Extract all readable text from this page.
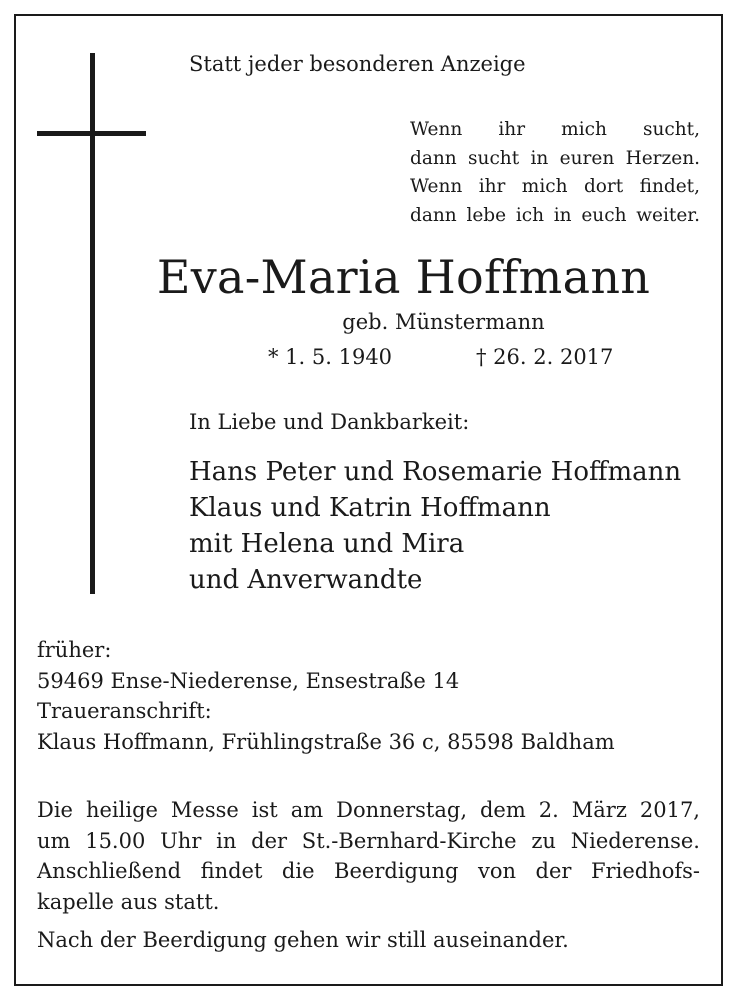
Statt jeder besonderen Anzeige
Wenn ihr mich sucht,
dann sucht in euren Herzen.
Wenn ihr mich dort findet,
dann lebe ich in euch weiter.
Eva-Maria Hoffmann
geb. Münstermann
* 1. 5. 1940	† 26. 2. 2017
In Liebe und Dankbarkeit:
Hans Peter und Rosemarie Hoffmann
Klaus und Katrin Hoffmann
mit Helena und Mira
und Anverwandte
früher:
59469 Ense-Niederense, Ensestraße 14
Traueranschrift:
Klaus Hoffmann, Frühlingstraße 36 c, 85598 Baldham
Die heilige Messe ist am Donnerstag, dem 2. März 2017,
um 15.00 Uhr in der St.-Bernhard-Kirche zu Niederense.
Anschließend findet die Beerdigung von der Friedhofs-
kapelle aus statt.
Nach der Beerdigung gehen wir still auseinander.
